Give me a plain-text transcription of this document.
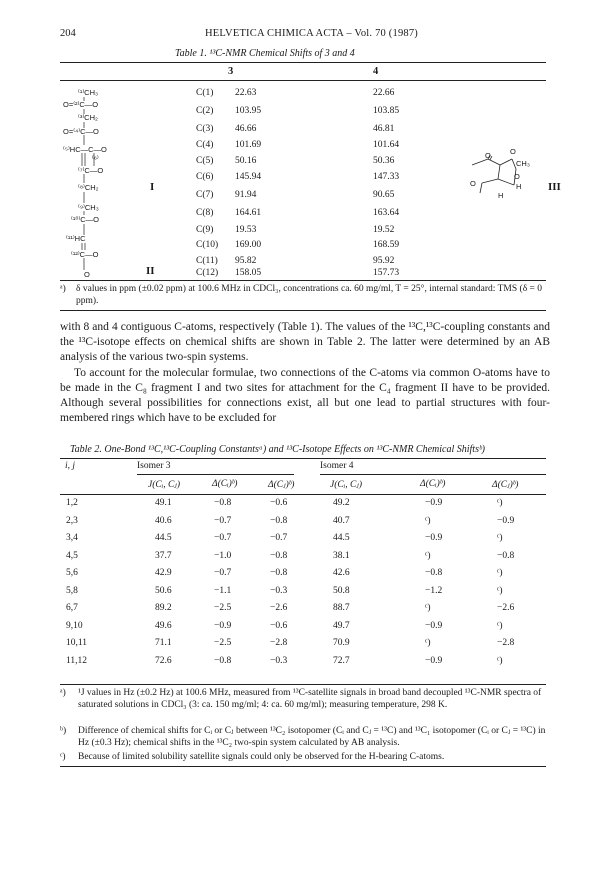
204	HELVETICA CHIMICA ACTA – Vol. 70 (1987)
Table 1. ¹³C-NMR Chemical Shifts of 3 and 4
3	4
C(1) 22.63	22.66
C(2) 103.95	103.85
C(3) 46.66	46.81
C(4) 101.69	101.64
C(5) 50.16	50.36
C(6) 145.94	147.33
C(7) 91.94	90.65
C(8) 164.61	163.64
C(9) 19.53	19.52
C(10) 169.00	168.59
C(11) 95.82	95.92
C(12) 158.05	157.73
⁽¹⁾CH₃
O=⁽²⁾C—O
⁽³⁾CH₂
O=⁽⁴⁾C—O
⁽⁵⁾HC—C—O
⁽⁶⁾
⁽⁷⁾C—O
⁽⁸⁾CH₂
⁽⁹⁾CH₃
⁽¹⁰⁾C—O
⁽¹¹⁾HC
⁽¹²⁾C—O
O
I
II
O	O
CH₃
O
O
H
H
III
ᵃ) δ values in ppm (±0.02 ppm) at 100.6 MHz in CDCl₃, concentrations ca. 60 mg/ml, T = 25°, internal standard: TMS (δ = 0 ppm).
with 8 and 4 contiguous C-atoms, respectively (Table 1). The values of the ¹³C,¹³C-coupling constants and the ¹³C-isotope effects on chemical shifts are shown in Table 2. The latter were determined by an AB analysis of the various two-spin systems.
To account for the molecular formulae, two connections of the C-atoms via common O-atoms have to be made in the C₈ fragment I and two sites for attachment for the C₄ fragment II have to be provided. Although several possibilities for connections exist, all but one lead to partial structures with four-membered rings which have to be excluded for
Table 2. One-Bond ¹³C,¹³C-Coupling Constantsᵃ) and ¹³C-Isotope Effects on ¹³C-NMR Chemical Shiftsᵇ)
i, j	Isomer 3	Isomer 4
J(Cᵢ, Cⱼ)	Δ(Cᵢ)ᵇ)	Δ(Cⱼ)ᵇ)	J(Cᵢ, Cⱼ)	Δ(Cᵢ)ᵇ)	Δ(Cⱼ)ᵇ)
1,2	49.1	−0.8	−0.6	49.2	−0.9	ᶜ)
2,3	40.6	−0.7	−0.8	40.7	ᶜ)	−0.9
3,4	44.5	−0.7	−0.7	44.5	−0.9	ᶜ)
4,5	37.7	−1.0	−0.8	38.1	ᶜ)	−0.8
5,6	42.9	−0.7	−0.8	42.6	−0.8	ᶜ)
5,8	50.6	−1.1	−0.3	50.8	−1.2	ᶜ)
6,7	89.2	−2.5	−2.6	88.7	ᶜ)	−2.6
9,10	49.6	−0.9	−0.6	49.7	−0.9	ᶜ)
10,11	71.1	−2.5	−2.8	70.9	ᶜ)	−2.8
11,12	72.6	−0.8	−0.3	72.7	−0.9	ᶜ)
ᵃ) ¹J values in Hz (±0.2 Hz) at 100.6 MHz, measured from ¹³C-satellite signals in broad band decoupled ¹³C-NMR spectra of saturated solutions in CDCl₃ (3: ca. 150 mg/ml; 4: ca. 60 mg/ml); measuring temperature, 298 K.
ᵇ) Difference of chemical shifts for Cᵢ or Cⱼ between ¹³C₂ isotopomer (Cᵢ and Cⱼ = ¹³C) and ¹³C₁ isotopomer (Cᵢ or Cⱼ = ¹³C) in Hz (±0.3 Hz); chemical shifts in the ¹³C₂ two-spin system calculated by AB analysis.
ᶜ) Because of limited solubility satellite signals could only be observed for the H-bearing C-atoms.
